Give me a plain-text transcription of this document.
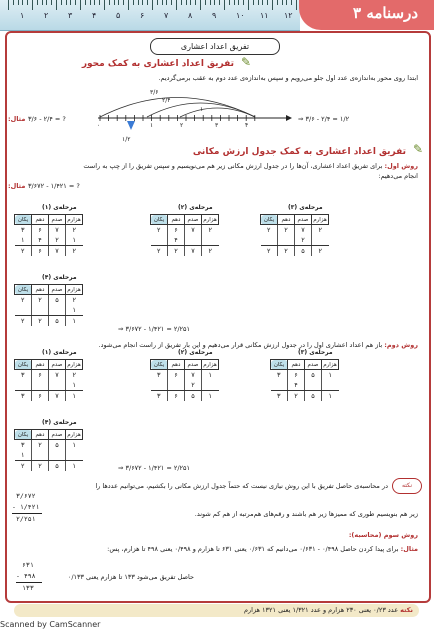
۱ ۲ ۳ ۴ ۵ ۶ ۷ ۸ ۹ ۱۰ ۱۱ ۱۲	درسنامه ۳
تفریق اعداد اعشاری
✎
تفریق اعداد اعشاری به کمک محور
ابتدا روی محور به‌اندازه‌ی عدد اول جلو می‌رویم و سپس به‌اندازه‌ی عدد دوم به عقب برمی‌گردیم.
۳/۶
۲/۴
۱
۰	۱	۲	۳	۴
۱/۲
مثال: ۳/۶ - ۲/۴ = ?	⇒ ۳/۶ - ۲/۴ = ۱/۲
✎
تفریق اعداد اعشاری به کمک جدول ارزش مکانی
روش اول: برای تفریق اعداد اعشاری، آن‌ها را در جدول ارزش مکانی زیر هم می‌نویسیم و سپس تفریق را از چپ به راست
انجام می‌دهیم:
مثال: ۳/۶۷۲ - ۱/۴۲۱ = ?
مرحله‌ی (۱)
یکان	دهم	صدم	هزارم
۳	۶	۷	۲
۱	۴	۲	۱
۲	۶	۷	۲
مرحله‌ی (۲)
یکان	دهم	صدم	هزارم
۲	۶	۷	۲
	۴		
۲	۲	۷	۲
مرحله‌ی (۳)
یکان	دهم	صدم	هزارم
۲	۲	۷	۲
		۲	
۲	۲	۵	۲
مرحله‌ی (۴)
یکان	دهم	صدم	هزارم
۲	۲	۵	۲
			۱
۲	۲	۵	۱
⇒ ۳/۶۷۲ - ۱/۴۲۱ = ۲/۲۵۱
روش دوم: باز هم اعداد اعشاری اول را در جدول ارزش مکانی قرار می‌دهیم و این بار تفریق از راست انجام می‌شود.
مرحله‌ی (۱)
یکان	دهم	صدم	هزارم
۳	۶	۷	۲
			۱
۳	۶	۷	۱
مرحله‌ی (۲)
یکان	دهم	صدم	هزارم
۳	۶	۷	۱
		۲	
۳	۶	۵	۱
مرحله‌ی (۳)
یکان	دهم	صدم	هزارم
۳	۶	۵	۱
	۴		
۳	۲	۵	۱
مرحله‌ی (۴)
یکان	دهم	صدم	هزارم
۳	۲	۵	۱
۱			
۲	۲	۵	۱	⇒ ۳/۶۷۲ - ۱/۴۲۱ = ۲/۲۵۱
نکته
در محاسبه‌ی حاصل تفریق با این روش نیازی نیست که حتماً جدول ارزش مکانی را بکشیم، می‌توانیم عددها را
زیر هم بنویسیم طوری که ممیزها زیر هم باشند و رقم‌های هم‌مرتبه از هم کم شوند.
۳/۶۷۲
- ۱/۴۲۱
۲/۲۵۱
روش سوم (محاسبه):
مثال: برای پیدا کردن حاصل ۰/۴۹۸ - ۰/۶۳۱ می‌دانیم که ۰/۶۳۱ یعنی ۶۳۱ تا هزارم و ۰/۴۹۸ یعنی ۴۹۸ تا هزارم، پس:
۶۳۱
- ۴۹۸
۱۳۳
حاصل تفریق می‌شود ۱۳۳ تا هزارم یعنی ۰/۱۳۳
نکته عدد ۰/۲۳ یعنی ۲۳۰ هزارم و عدد ۱/۳۲۱ یعنی ۱۳۲۱ هزارم
Scanned by CamScanner
